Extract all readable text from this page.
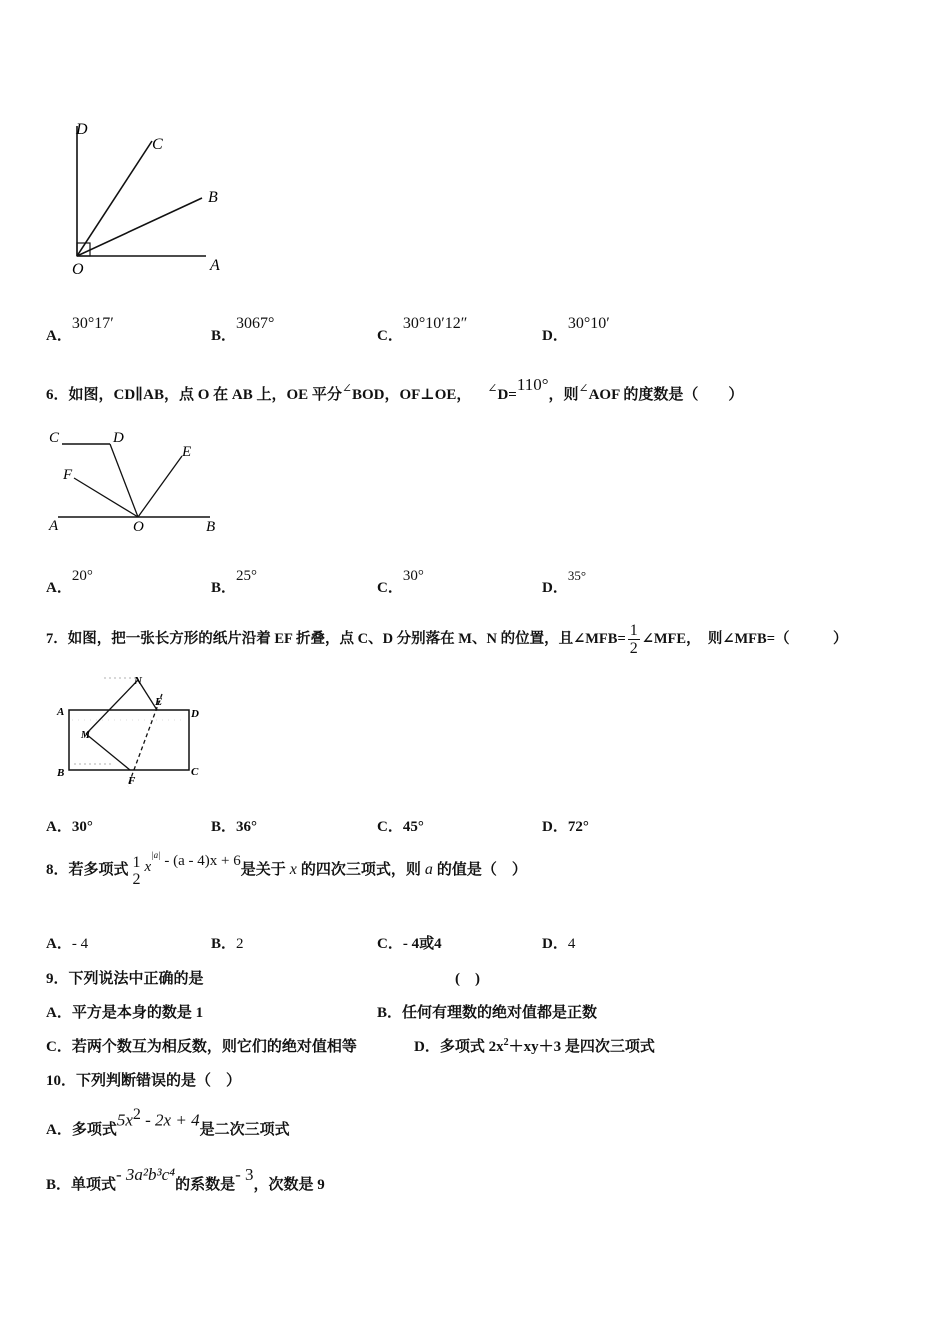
D
C
B
O	A
A．30°17′
B．3067°
C．30°10′12″
D．30°10′
6．如图，CD∥AB，点 O 在 AB 上，OE 平分∠BOD，OF⊥OE， ∠D=110°，则∠AOF 的度数是（　　）
C	D
E
F
A	O	B
A．20°
B．25°
C．30°
D．35°
7．如图，把一张长方形的纸片沿着 EF 折叠，点 C、D 分别落在 M、N 的位置，且∠MFB= $\frac{1}{2}$ ∠MFE，　则∠MFB=（　　　）
N
E
A	D
M
B
F
C
A．30°	B．36°	C．45°	D．72°
8．若多项式 1
2
$x^{|a|} - (a - 4)x + 6$是关于 x 的四次三项式，则 a 的值是（　）
A．- 4	B．2	C．- 4或4	D．4
9．下列说法中正确的是	(　)
A．平方是本身的数是 1	B．任何有理数的绝对值都是正数
C．若两个数互为相反数，则它们的绝对值相等	D．多项式 $2x^2+xy+3$ 是四次三项式
10．下列判断错误的是（　）
A．多项式$5x^2 - 2x + 4$是二次三项式
B．单项式- 3a²b³c⁴的系数是- 3，次数是 9
